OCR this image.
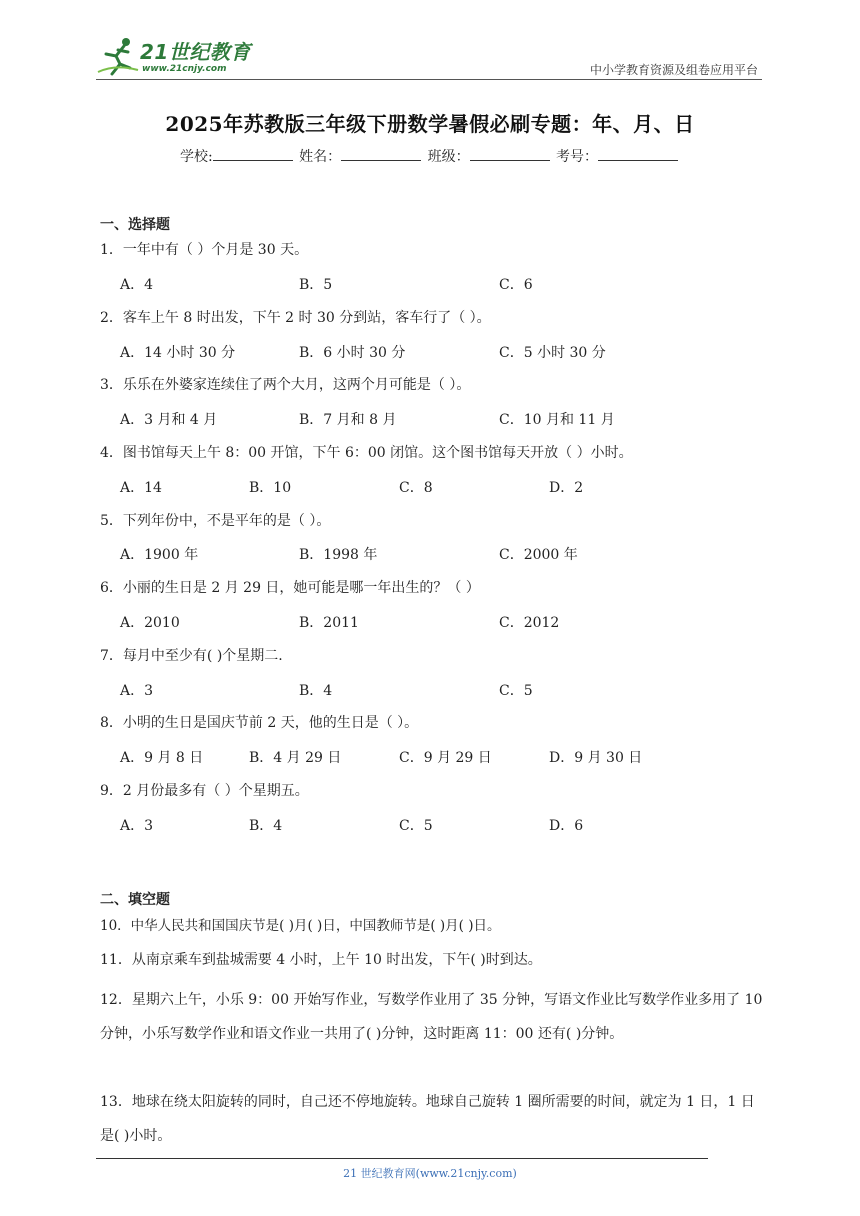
21世纪教育
www.21cnjy.com	中小学教育资源及组卷应用平台
2025年苏教版三年级下册数学暑假必刷专题：年、月、日
学校:	姓名：	班级：	考号：
一、选择题
1．一年中有（ ）个月是 30 天。
A．4	B．5	C．6
2．客车上午 8 时出发，下午 2 时 30 分到站，客车行了（ ）。
A．14 小时 30 分	B．6 小时 30 分	C．5 小时 30 分
3．乐乐在外婆家连续住了两个大月，这两个月可能是（ ）。
A．3 月和 4 月	B．7 月和 8 月	C．10 月和 11 月
4．图书馆每天上午 8：00 开馆，下午 6：00 闭馆。这个图书馆每天开放（ ）小时。
A．14	B．10	C．8	D．2
5．下列年份中，不是平年的是（ ）。
A．1900 年	B．1998 年	C．2000 年
6．小丽的生日是 2 月 29 日，她可能是哪一年出生的？（ ）
A．2010	B．2011	C．2012
7．每月中至少有( )个星期二.
A．3	B．4	C．5
8．小明的生日是国庆节前 2 天，他的生日是（ ）。
A．9 月 8 日	B．4 月 29 日	C．9 月 29 日	D．9 月 30 日
9．2 月份最多有（ ）个星期五。
A．3	B．4	C．5	D．6
二、填空题
10．中华人民共和国国庆节是( )月( )日，中国教师节是( )月( )日。
11．从南京乘车到盐城需要 4 小时，上午 10 时出发，下午( )时到达。
12．星期六上午，小乐 9：00 开始写作业，写数学作业用了 35 分钟，写语文作业比写数学作业多用了 10 分钟，小乐写数学作业和语文作业一共用了( )分钟，这时距离 11：00 还有( )分钟。
13．地球在绕太阳旋转的同时，自己还不停地旋转。地球自己旋转 1 圈所需要的时间，就定为 1 日，1 日是( )小时。
21 世纪教育网(www.21cnjy.com)
